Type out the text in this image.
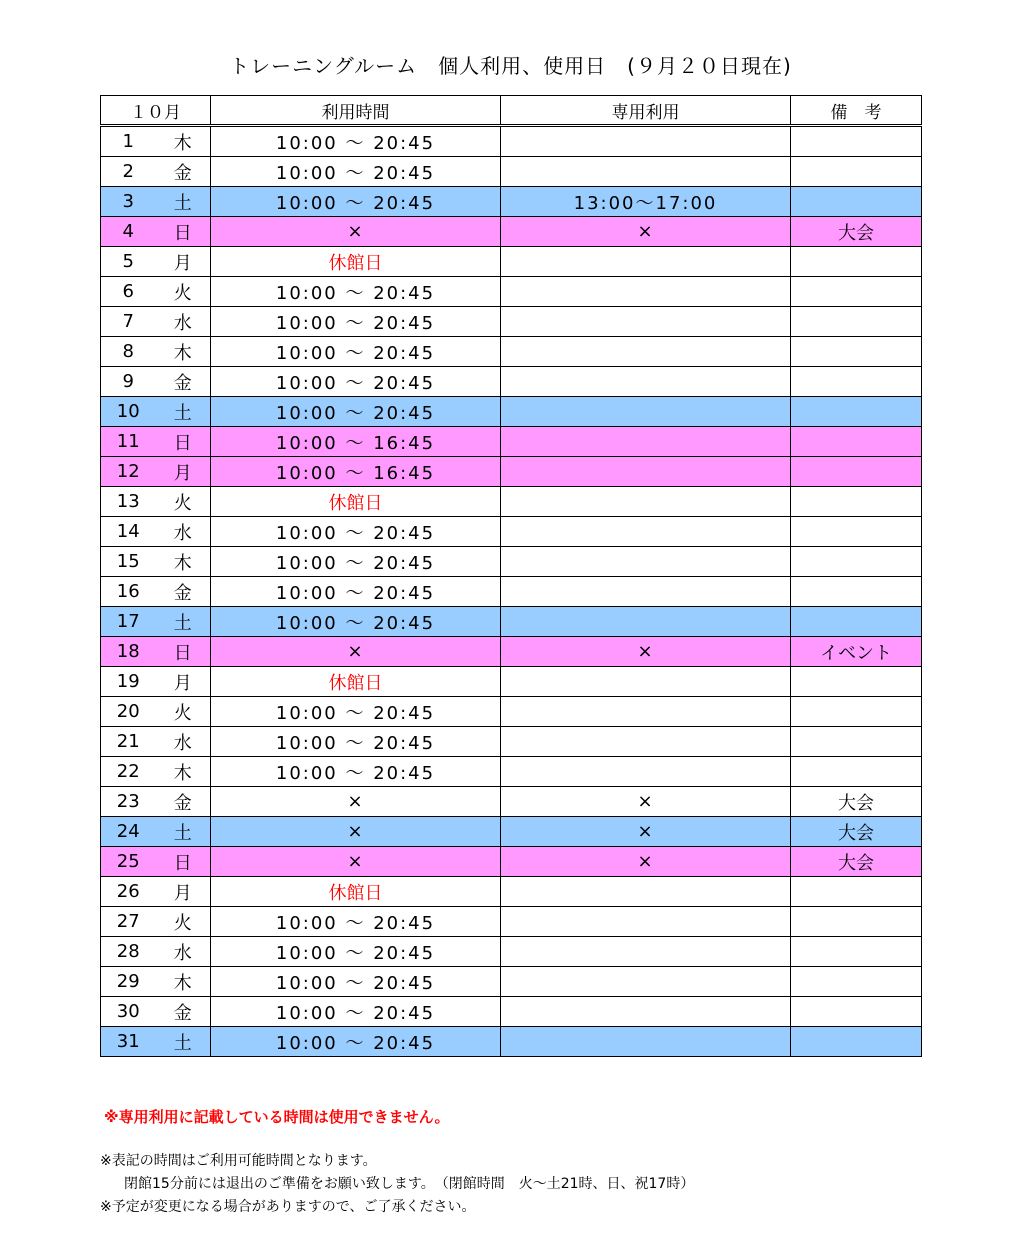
トレーニングルーム　個人利用、使用日　(９月２０日現在)
１０月		利用時間	専用利用	備　考
1	木	10:00 ～ 20:45		
2	金	10:00 ～ 20:45		
3	土	10:00 ～ 20:45	13:00～17:00	
4	日	×	×	大会
5	月	休館日		
6	火	10:00 ～ 20:45		
7	水	10:00 ～ 20:45		
8	木	10:00 ～ 20:45		
9	金	10:00 ～ 20:45		
10	土	10:00 ～ 20:45		
11	日	10:00 ～ 16:45		
12	月	10:00 ～ 16:45		
13	火	休館日		
14	水	10:00 ～ 20:45		
15	木	10:00 ～ 20:45		
16	金	10:00 ～ 20:45		
17	土	10:00 ～ 20:45		
18	日	×	×	イベント
19	月	休館日		
20	火	10:00 ～ 20:45		
21	水	10:00 ～ 20:45		
22	木	10:00 ～ 20:45		
23	金	×	×	大会
24	土	×	×	大会
25	日	×	×	大会
26	月	休館日		
27	火	10:00 ～ 20:45		
28	水	10:00 ～ 20:45		
29	木	10:00 ～ 20:45		
30	金	10:00 ～ 20:45		
31	土	10:00 ～ 20:45		
※専用利用に記載している時間は使用できません。
※表記の時間はご利用可能時間となります。
閉館15分前には退出のご準備をお願い致します。　（閉館時間　火～土21時、日、祝17時）
※予定が変更になる場合がありますので、ご了承ください。
